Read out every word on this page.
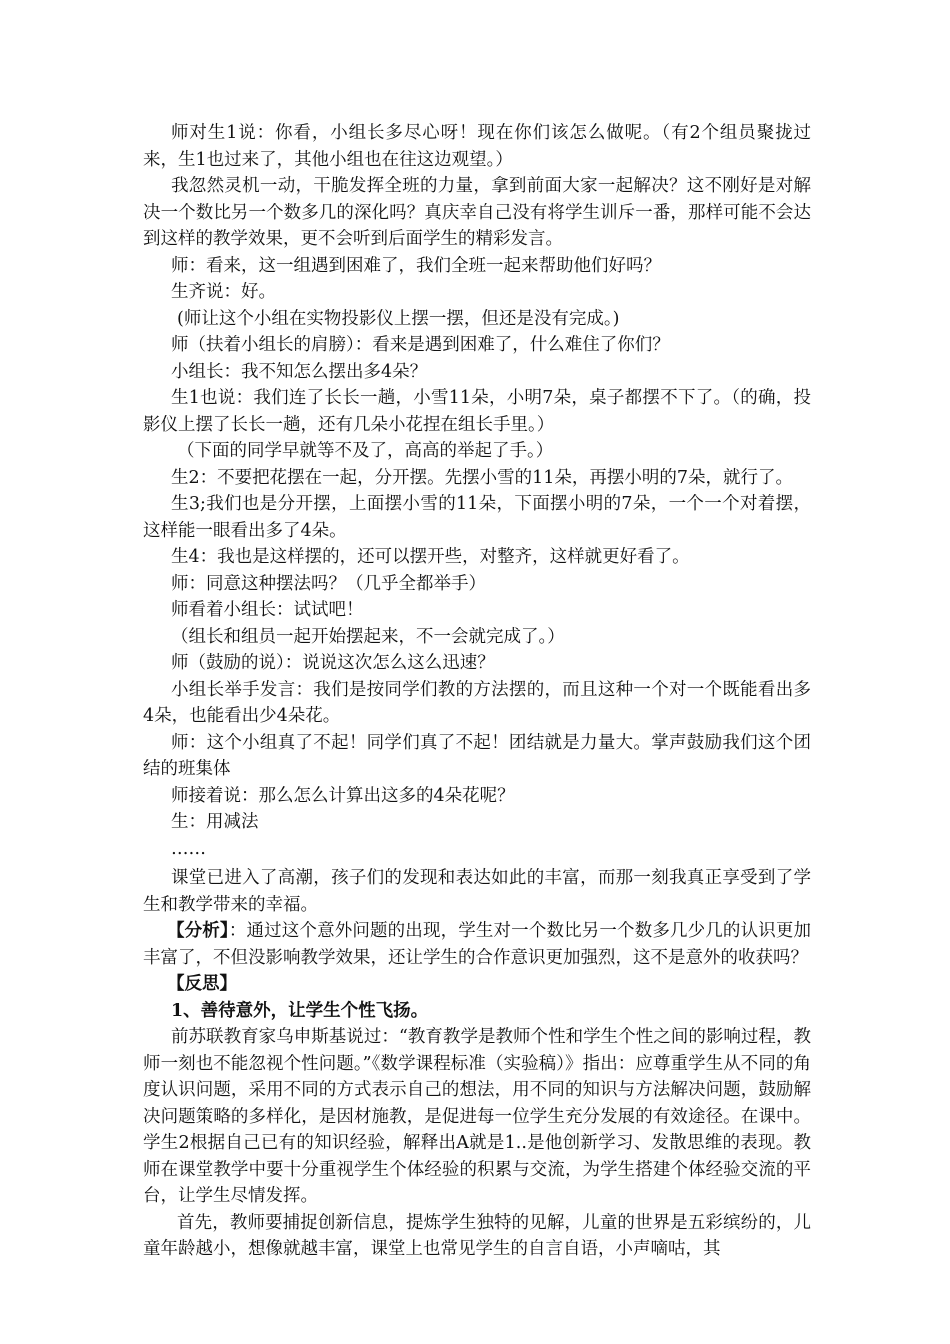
师对生1说：你看，小组长多尽心呀！现在你们该怎么做呢。（有2个组员聚拢过来，生1也过来了，其他小组也在往这边观望。）

我忽然灵机一动，干脆发挥全班的力量，拿到前面大家一起解决？这不刚好是对解决一个数比另一个数多几的深化吗？真庆幸自己没有将学生训斥一番，那样可能不会达到这样的教学效果，更不会听到后面学生的精彩发言。

师：看来，这一组遇到困难了，我们全班一起来帮助他们好吗？

生齐说：好。

(师让这个小组在实物投影仪上摆一摆，但还是没有完成。)

师（扶着小组长的肩膀）：看来是遇到困难了，什么难住了你们？

小组长：我不知怎么摆出多4朵？

生1也说：我们连了长长一趟，小雪11朵，小明7朵，桌子都摆不下了。（的确，投影仪上摆了长长一趟，还有几朵小花捏在组长手里。）

（下面的同学早就等不及了，高高的举起了手。）

生2：不要把花摆在一起，分开摆。先摆小雪的11朵，再摆小明的7朵，就行了。

生3;我们也是分开摆，上面摆小雪的11朵，下面摆小明的7朵，一个一个对着摆，这样能一眼看出多了4朵。

生4：我也是这样摆的，还可以摆开些，对整齐，这样就更好看了。

师：同意这种摆法吗？（几乎全都举手）

师看着小组长：试试吧！

（组长和组员一起开始摆起来，不一会就完成了。）

师（鼓励的说）：说说这次怎么这么迅速？

小组长举手发言：我们是按同学们教的方法摆的，而且这种一个对一个既能看出多4朵，也能看出少4朵花。

师：这个小组真了不起！同学们真了不起！团结就是力量大。掌声鼓励我们这个团结的班集体

师接着说：那么怎么计算出这多的4朵花呢？

生：用减法

……

课堂已进入了高潮，孩子们的发现和表达如此的丰富，而那一刻我真正享受到了学生和教学带来的幸福。

【分析】：通过这个意外问题的出现，学生对一个数比另一个数多几少几的认识更加丰富了，不但没影响教学效果，还让学生的合作意识更加强烈，这不是意外的收获吗？

【反思】

1、善待意外，让学生个性飞扬。

前苏联教育家乌申斯基说过：“教育教学是教师个性和学生个性之间的影响过程，教师一刻也不能忽视个性问题。”《数学课程标准（实验稿）》指出：应尊重学生从不同的角度认识问题，采用不同的方式表示自己的想法，用不同的知识与方法解决问题，鼓励解决问题策略的多样化，是因材施教，是促进每一位学生充分发展的有效途径。在课中。学生2根据自己已有的知识经验，解释出A就是1..是他创新学习、发散思维的表现。教师在课堂教学中要十分重视学生个体经验的积累与交流，为学生搭建个体经验交流的平台，让学生尽情发挥。

首先，教师要捕捉创新信息，提炼学生独特的见解，儿童的世界是五彩缤纷的，儿童年龄越小，想像就越丰富，课堂上也常见学生的自言自语，小声嘀咕，其
